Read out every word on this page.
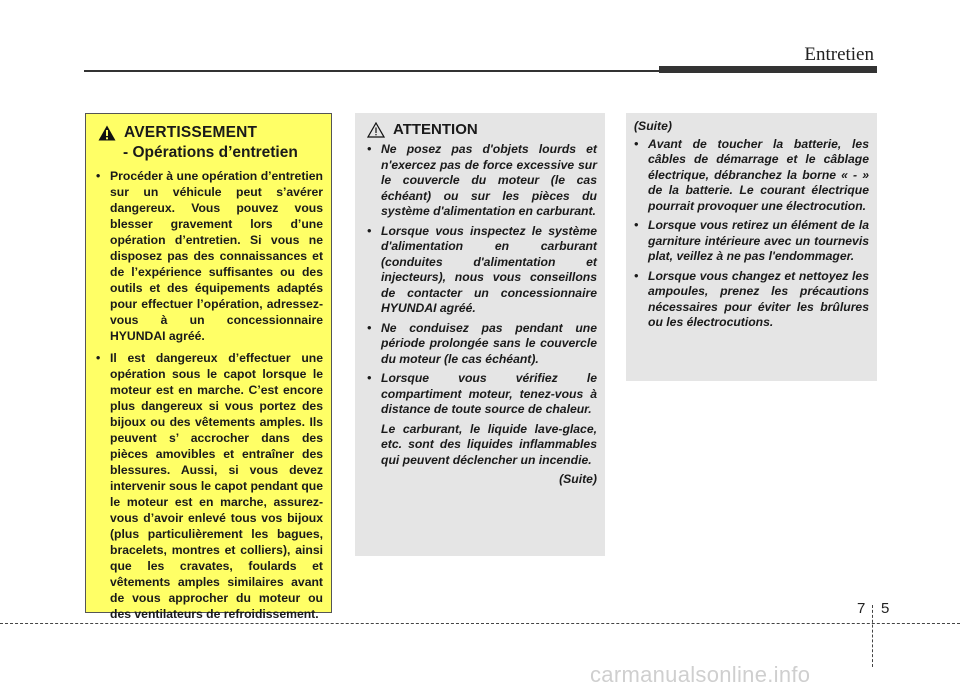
Entretien
AVERTISSEMENT
- Opérations d’entretien
• Procéder à une opération d’entretien sur un véhicule peut s’avérer dangereux. Vous pouvez vous blesser gravement lors d’une opération d’entretien. Si vous ne disposez pas des connaissances et de l’expérience suffisantes ou des outils et des équipements adaptés pour effectuer l’opération, adressez-vous à un concessionnaire HYUNDAI agréé.
• Il est dangereux d’effectuer une opération sous le capot lorsque le moteur est en marche. C’est encore plus dangereux si vous portez des bijoux ou des vêtements amples. Ils peuvent s’ accrocher dans des pièces amovibles et entraîner des blessures. Aussi, si vous devez intervenir sous le capot pendant que le moteur est en marche, assurez-vous d’avoir enlevé tous vos bijoux (plus particulièrement les bagues, bracelets, montres et colliers), ainsi que les cravates, foulards et vêtements amples similaires avant de vous approcher du moteur ou des ventilateurs de refroidissement.
ATTENTION
• Ne posez pas d'objets lourds et n'exercez pas de force excessive sur le couvercle du moteur (le cas échéant) ou sur les pièces du système d'alimentation en carburant.
• Lorsque vous inspectez le système d'alimentation en carburant (conduites d'alimentation et injecteurs), nous vous conseillons de contacter un concessionnaire HYUNDAI agréé.
• Ne conduisez pas pendant une période prolongée sans le couvercle du moteur (le cas échéant).
• Lorsque vous vérifiez le compartiment moteur, tenez-vous à distance de toute source de chaleur.
Le carburant, le liquide lave-glace, etc. sont des liquides inflammables qui peuvent déclencher un incendie.
(Suite)
(Suite)
• Avant de toucher la batterie, les câbles de démarrage et le câblage électrique, débranchez la borne « - » de la batterie. Le courant électrique pourrait provoquer une électrocution.
• Lorsque vous retirez un élément de la garniture intérieure avec un tournevis plat, veillez à ne pas l'endommager.
• Lorsque vous changez et nettoyez les ampoules, prenez les précautions nécessaires pour éviter les brûlures ou les électrocutions.
7 5
carmanualsonline.info
